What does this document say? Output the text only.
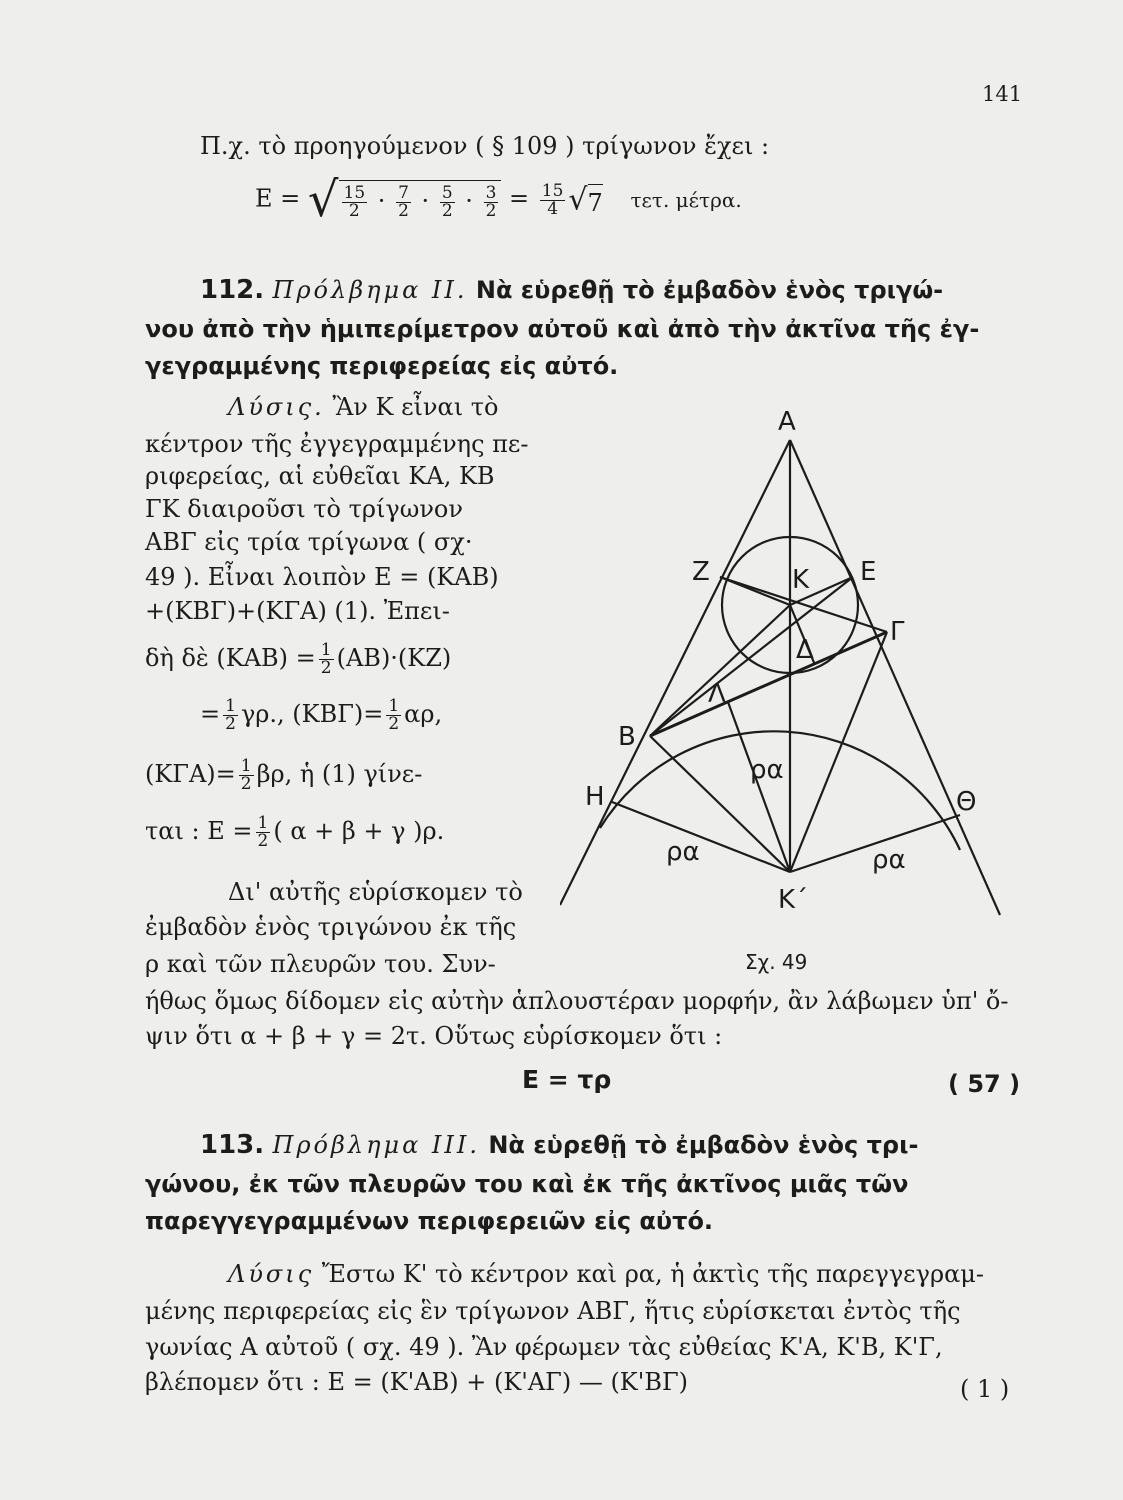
141
Π.χ. τὸ προηγούμενον ( § 109 ) τρίγωνον ἔχει :
Ε = √ $\frac{15}{2} \cdot \frac{7}{2} \cdot \frac{5}{2} \cdot \frac{3}{2} = \frac{15}{4} √7$ τετ. μέτρα.
112. Πρόλβημα ΙΙ. Νὰ εὑρεθῇ τὸ ἐμβαδὸν ἑνὸς τριγώ-
νου ἀπὸ τὴν ἡμιπερίμετρον αὐτοῦ καὶ ἀπὸ τὴν ἀκτῖνα τῆς ἐγ-
γεγραμμένης περιφερείας εἰς αὐτό.
Λύσις. Ἂν Κ εἶναι τὸ
κέντρον τῆς ἐγγεγραμμένης πε-
ριφερείας, αἱ εὐθεῖαι ΚΑ, ΚΒ
ΓΚ διαιροῦσι τὸ τρίγωνον
ΑΒΓ εἰς τρία τρίγωνα ( σχ·
49 ). Εἶναι λοιπὸν Ε = (ΚΑΒ)
+(ΚΒΓ)+(ΚΓΑ) (1). Ἐπει-
δὴ δὲ $(KAB) = \frac{1}{2} (AB)\cdot(KZ)$
= $\frac{1}{2} \gamma\rho$., $(KB\Gamma)= \frac{1}{2} \alpha\rho$,
$(K\Gamma A)= \frac{1}{2} \beta\rho$, ἡ (1) γίνε-
ται : $E = \frac{1}{2}$ ( α + β + γ )ρ.
Δι' αὐτῆς εὑρίσκομεν τὸ
ἐμβαδὸν ἑνὸς τριγώνου ἐκ τῆς
ρ καὶ τῶν πλευρῶν του. Συν-
ήθως ὅμως δίδομεν εἰς αὐτὴν ἁπλουστέραν μορφήν, ἂν λάβωμεν ὑπ' ὄ-
ψιν ὅτι α + β + γ = 2τ. Οὕτως εὑρίσκομεν ὅτι :
Ε = τρ	( 57 )
Α
Κ
Ζ	Ε
Γ
Δ
Λ
Β
Η	Θ
Κ΄
ρα
ρα	ρα
Σχ. 49
113. Πρόβλημα ΙΙΙ. Νὰ εὑρεθῇ τὸ ἐμβαδὸν ἑνὸς τρι-
γώνου, ἐκ τῶν πλευρῶν του καὶ ἐκ τῆς ἀκτῖνος μιᾶς τῶν
παρεγγεγραμμένων περιφερειῶν εἰς αὐτό.
Λύσις Ἔστω Κ' τὸ κέντρον καὶ ρα, ἡ ἀκτὶς τῆς παρεγγεγραμ-
μένης περιφερείας εἰς ἓν τρίγωνον ΑΒΓ, ἥτις εὑρίσκεται ἐντὸς τῆς
γωνίας Α αὐτοῦ ( σχ. 49 ). Ἂν φέρωμεν τὰς εὐθείας Κ'Α, Κ'Β, Κ'Γ,
βλέπομεν ὅτι : Ε = (Κ'ΑΒ) + (Κ'ΑΓ) — (Κ'ΒΓ)	( 1 )
